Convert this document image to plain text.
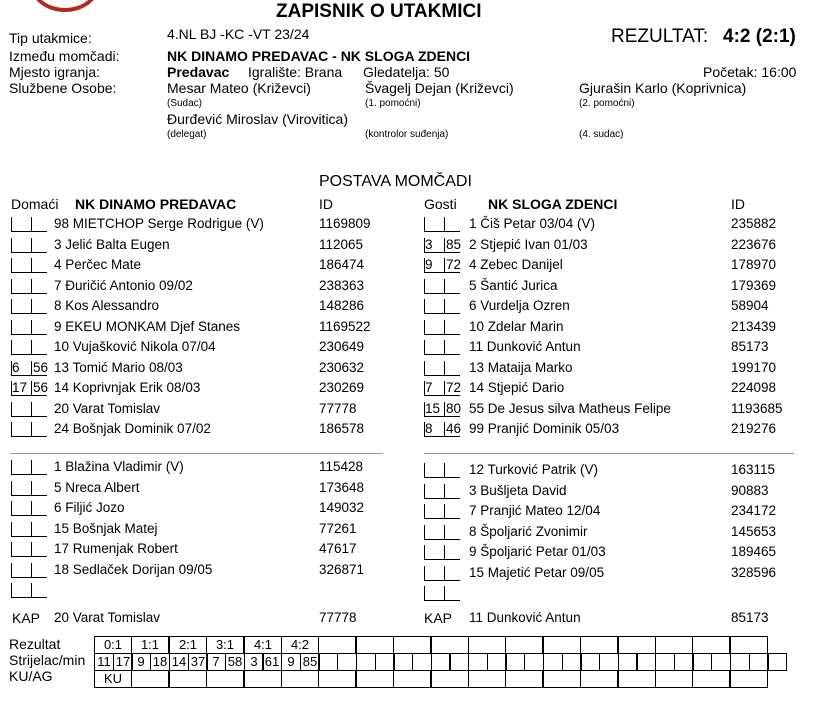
ZAPISNIK O UTAKMICI
Tip utakmice:	4.NL BJ -KC -VT 23/24	REZULTAT: 4:2 (2:1)
Između momčadi:	NK DINAMO PREDAVAC - NK SLOGA ZDENCI
Mjesto igranja:	Predavac Igralište: Brana Gledatelja: 50	Početak: 16:00
Službene Osobe:	Mesar Mateo (Križevci)	Švagelj Dejan (Križevci)	Gjurašin Karlo (Koprivnica)
(Sudac)	(1. pomoćni)	(2. pomoćni)
Đurđević Miroslav (Virovitica)
(delegat)	(kontrolor suđenja)	(4. sudac)
POSTAVA MOMČADI
Domaći NK DINAMO PREDAVAC	ID	Gosti NK SLOGA ZDENCI	ID
98 MIETCHOP Serge Rodrigue (V)	1169809
3 Jelić Balta Eugen	112065
4 Perčec Mate	186474
7 Đuričić Antonio 09/02	238363
8 Kos Alessandro	148286
9 EKEU MONKAM Djef Stanes	1169522
10 Vujašković Nikola 07/04	230649
6 56 13 Tomić Mario 08/03	230632
17 56 14 Koprivnjak Erik 08/03	230269
20 Varat Tomislav	77778
24 Bošnjak Dominik 07/02	186578
1 Čiš Petar 03/04 (V)	235882
3 85 2 Stjepić Ivan 01/03	223676
9 72 4 Zebec Danijel	178970
5 Šantić Jurica	179369
6 Vurdelja Ozren	58904
10 Zdelar Marin	213439
11 Dunković Antun	85173
13 Mataija Marko	199170
7 72 14 Stjepić Dario	224098
15 80 55 De Jesus silva Matheus Felipe	1193685
8 46 99 Pranjić Dominik 05/03	219276
1 Blažina Vladimir (V)	115428
5 Nreca Albert	173648
6 Filjić Jozo	149032
15 Bošnjak Matej	77261
17 Rumenjak Robert	47617
18 Sedlaček Dorijan 09/05	326871
12 Turković Patrik (V)	163115
3 Bušljeta David	90883
7 Pranjić Mateo 12/04	234172
8 Špoljarić Zvonimir	145653
9 Špoljarić Petar 01/03	189465
15 Majetić Petar 09/05	328596
KAP 20 Varat Tomislav	77778	KAP 11 Dunković Antun	85173
Rezultat
Strijelac/min
KU/AG
0:1	1:1	2:1	3:1	4:1	4:2
11 17 9 18 14 37 7 58 3 61 9 85
KU
